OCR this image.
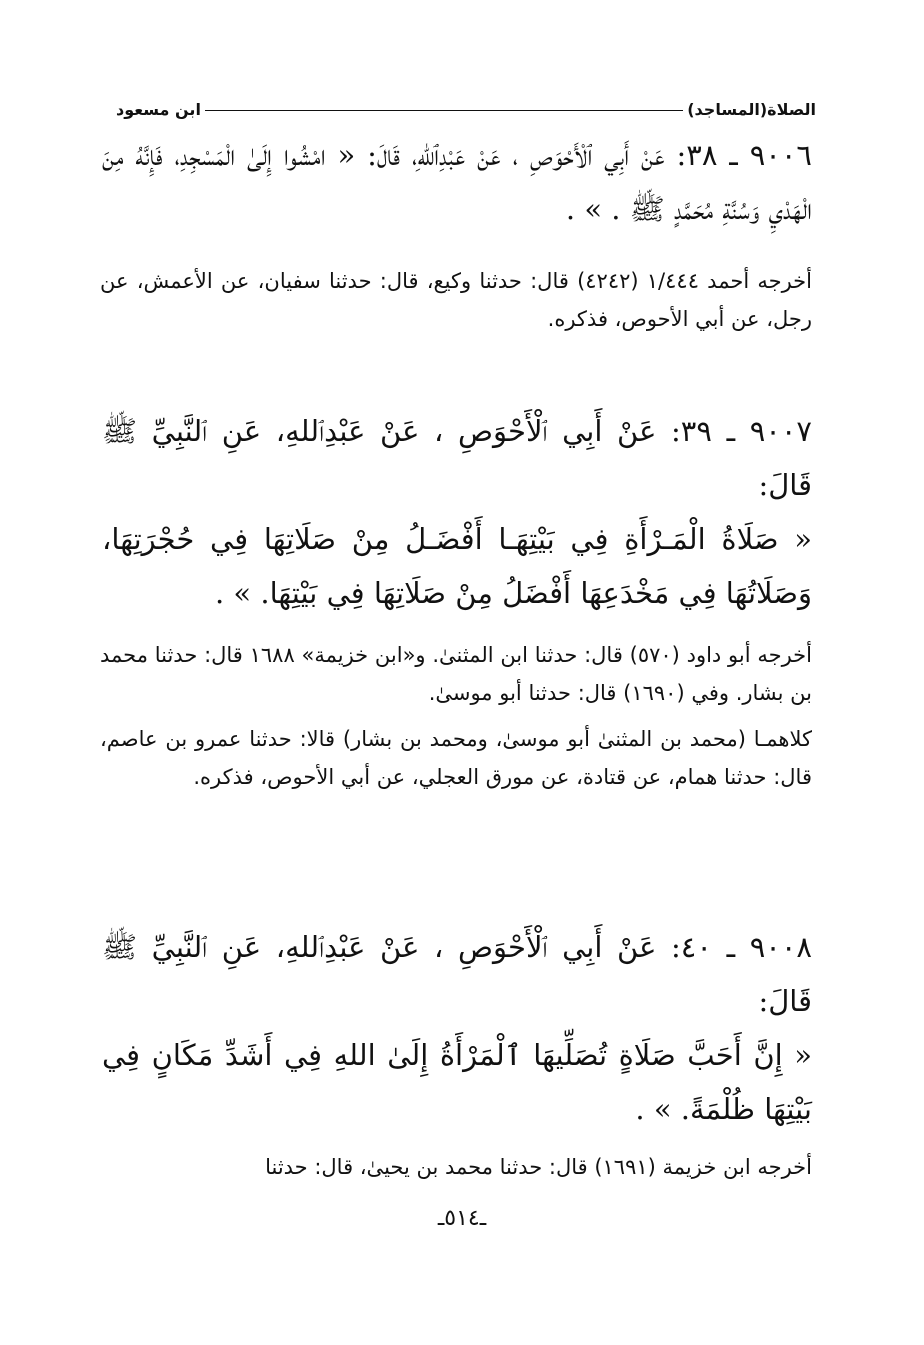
الصلاة(المساجد)
ابن مسعود
٩٠٠٦ ـ ٣٨: عَنْ أَبِي ٱلْأَحْوَصِ ، عَنْ عَبْدِٱللهِ، قَالَ: « امْشُوا إِلَىٰ الْمَسْجِدِ، فَإِنَّهُ مِنَ الْهَدْيِ وَسُنَّةِ مُحَمَّدٍ ﷺ . » .
أخرجه أحمد ١/٤٤٤ (٤٢٤٢) قال: حدثنا وكيع، قال: حدثنا سفيان، عن الأعمش، عن رجل، عن أبي الأحوص، فذكره.
٩٠٠٧ ـ ٣٩: عَنْ أَبِي ٱلْأَحْوَصِ ، عَنْ عَبْدِٱللهِ، عَنِ ٱلنَّبِيِّ ﷺ قَالَ:
« صَلَاةُ الْمَـرْأَةِ فِي بَيْتِهَـا أَفْضَـلُ مِنْ صَلَاتِهَا فِي حُجْرَتِهَا، وَصَلَاتُهَا فِي مَخْدَعِهَا أَفْضَلُ مِنْ صَلَاتِهَا فِي بَيْتِهَا. » .
أخرجه أبو داود (٥٧٠) قال: حدثنا ابن المثنىٰ. و«ابن خزيمة» ١٦٨٨ قال: حدثنا محمد بن بشار. وفي (١٦٩٠) قال: حدثنا أبو موسىٰ.
كلاهمـا (محمد بن المثنىٰ أبو موسىٰ، ومحمد بن بشار) قالا: حدثنا عمرو بن عاصم، قال: حدثنا همام، عن قتادة، عن مورق العجلي، عن أبي الأحوص، فذكره.
٩٠٠٨ ـ ٤٠: عَنْ أَبِي ٱلْأَحْوَصِ ، عَنْ عَبْدِٱللهِ، عَنِ ٱلنَّبِيِّ ﷺ قَالَ:
« إِنَّ أَحَبَّ صَلَاةٍ تُصَلِّيهَا ٱلْمَرْأَةُ إِلَىٰ اللهِ فِي أَشَدِّ مَكَانٍ فِي بَيْتِهَا ظُلْمَةً. » .
أخرجه ابن خزيمة (١٦٩١) قال: حدثنا محمد بن يحيىٰ، قال: حدثنا
ـ٥١٤ـ
